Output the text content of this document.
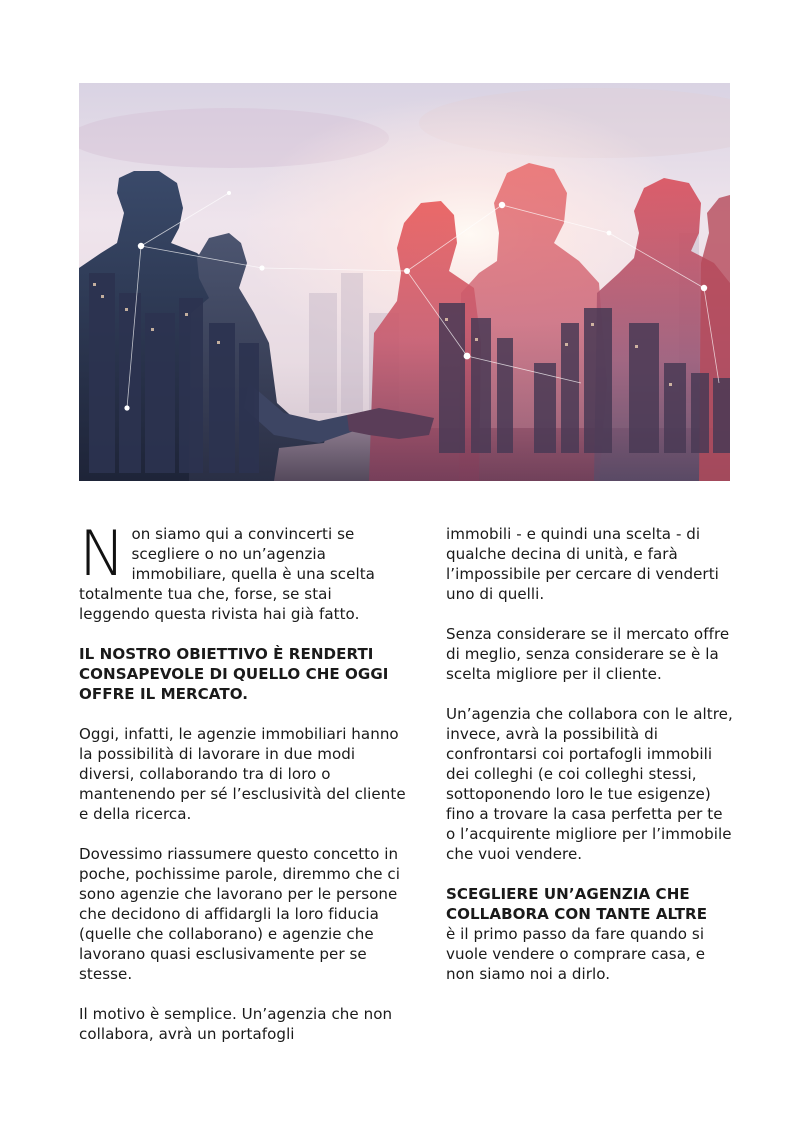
Non siamo qui a convincerti se scegliere o no un’agenzia immobiliare, quella è una scelta totalmente tua che, forse, se stai leggendo questa rivista hai già fatto.

IL NOSTRO OBIETTIVO È RENDERTI CONSAPEVOLE DI QUELLO CHE OGGI OFFRE IL MERCATO.

Oggi, infatti, le agenzie immobiliari hanno la possibilità di lavorare in due modi diversi, collaborando tra di loro o mantenendo per sé l’esclusività del cliente e della ricerca.

Dovessimo riassumere questo concetto in poche, pochissime parole, diremmo che ci sono agenzie che lavorano per le persone che decidono di affidargli la loro fiducia (quelle che collaborano) e agenzie che lavorano quasi esclusivamente per se stesse.

Il motivo è semplice. Un’agenzia che non collabora, avrà un portafogli

immobili - e quindi una scelta - di qualche decina di unità, e farà l’impossibile per cercare di venderti uno di quelli.

Senza considerare se il mercato offre di meglio, senza considerare se è la scelta migliore per il cliente.

Un’agenzia che collabora con le altre, invece, avrà la possibilità di confrontarsi coi portafogli immobili dei colleghi (e coi colleghi stessi, sottoponendo loro le tue esigenze) fino a trovare la casa perfetta per te o l’acquirente migliore per l’immobile che vuoi vendere.

SCEGLIERE UN’AGENZIA CHE COLLABORA CON TANTE ALTRE

è il primo passo da fare quando si vuole vendere o comprare casa, e non siamo noi a dirlo.
